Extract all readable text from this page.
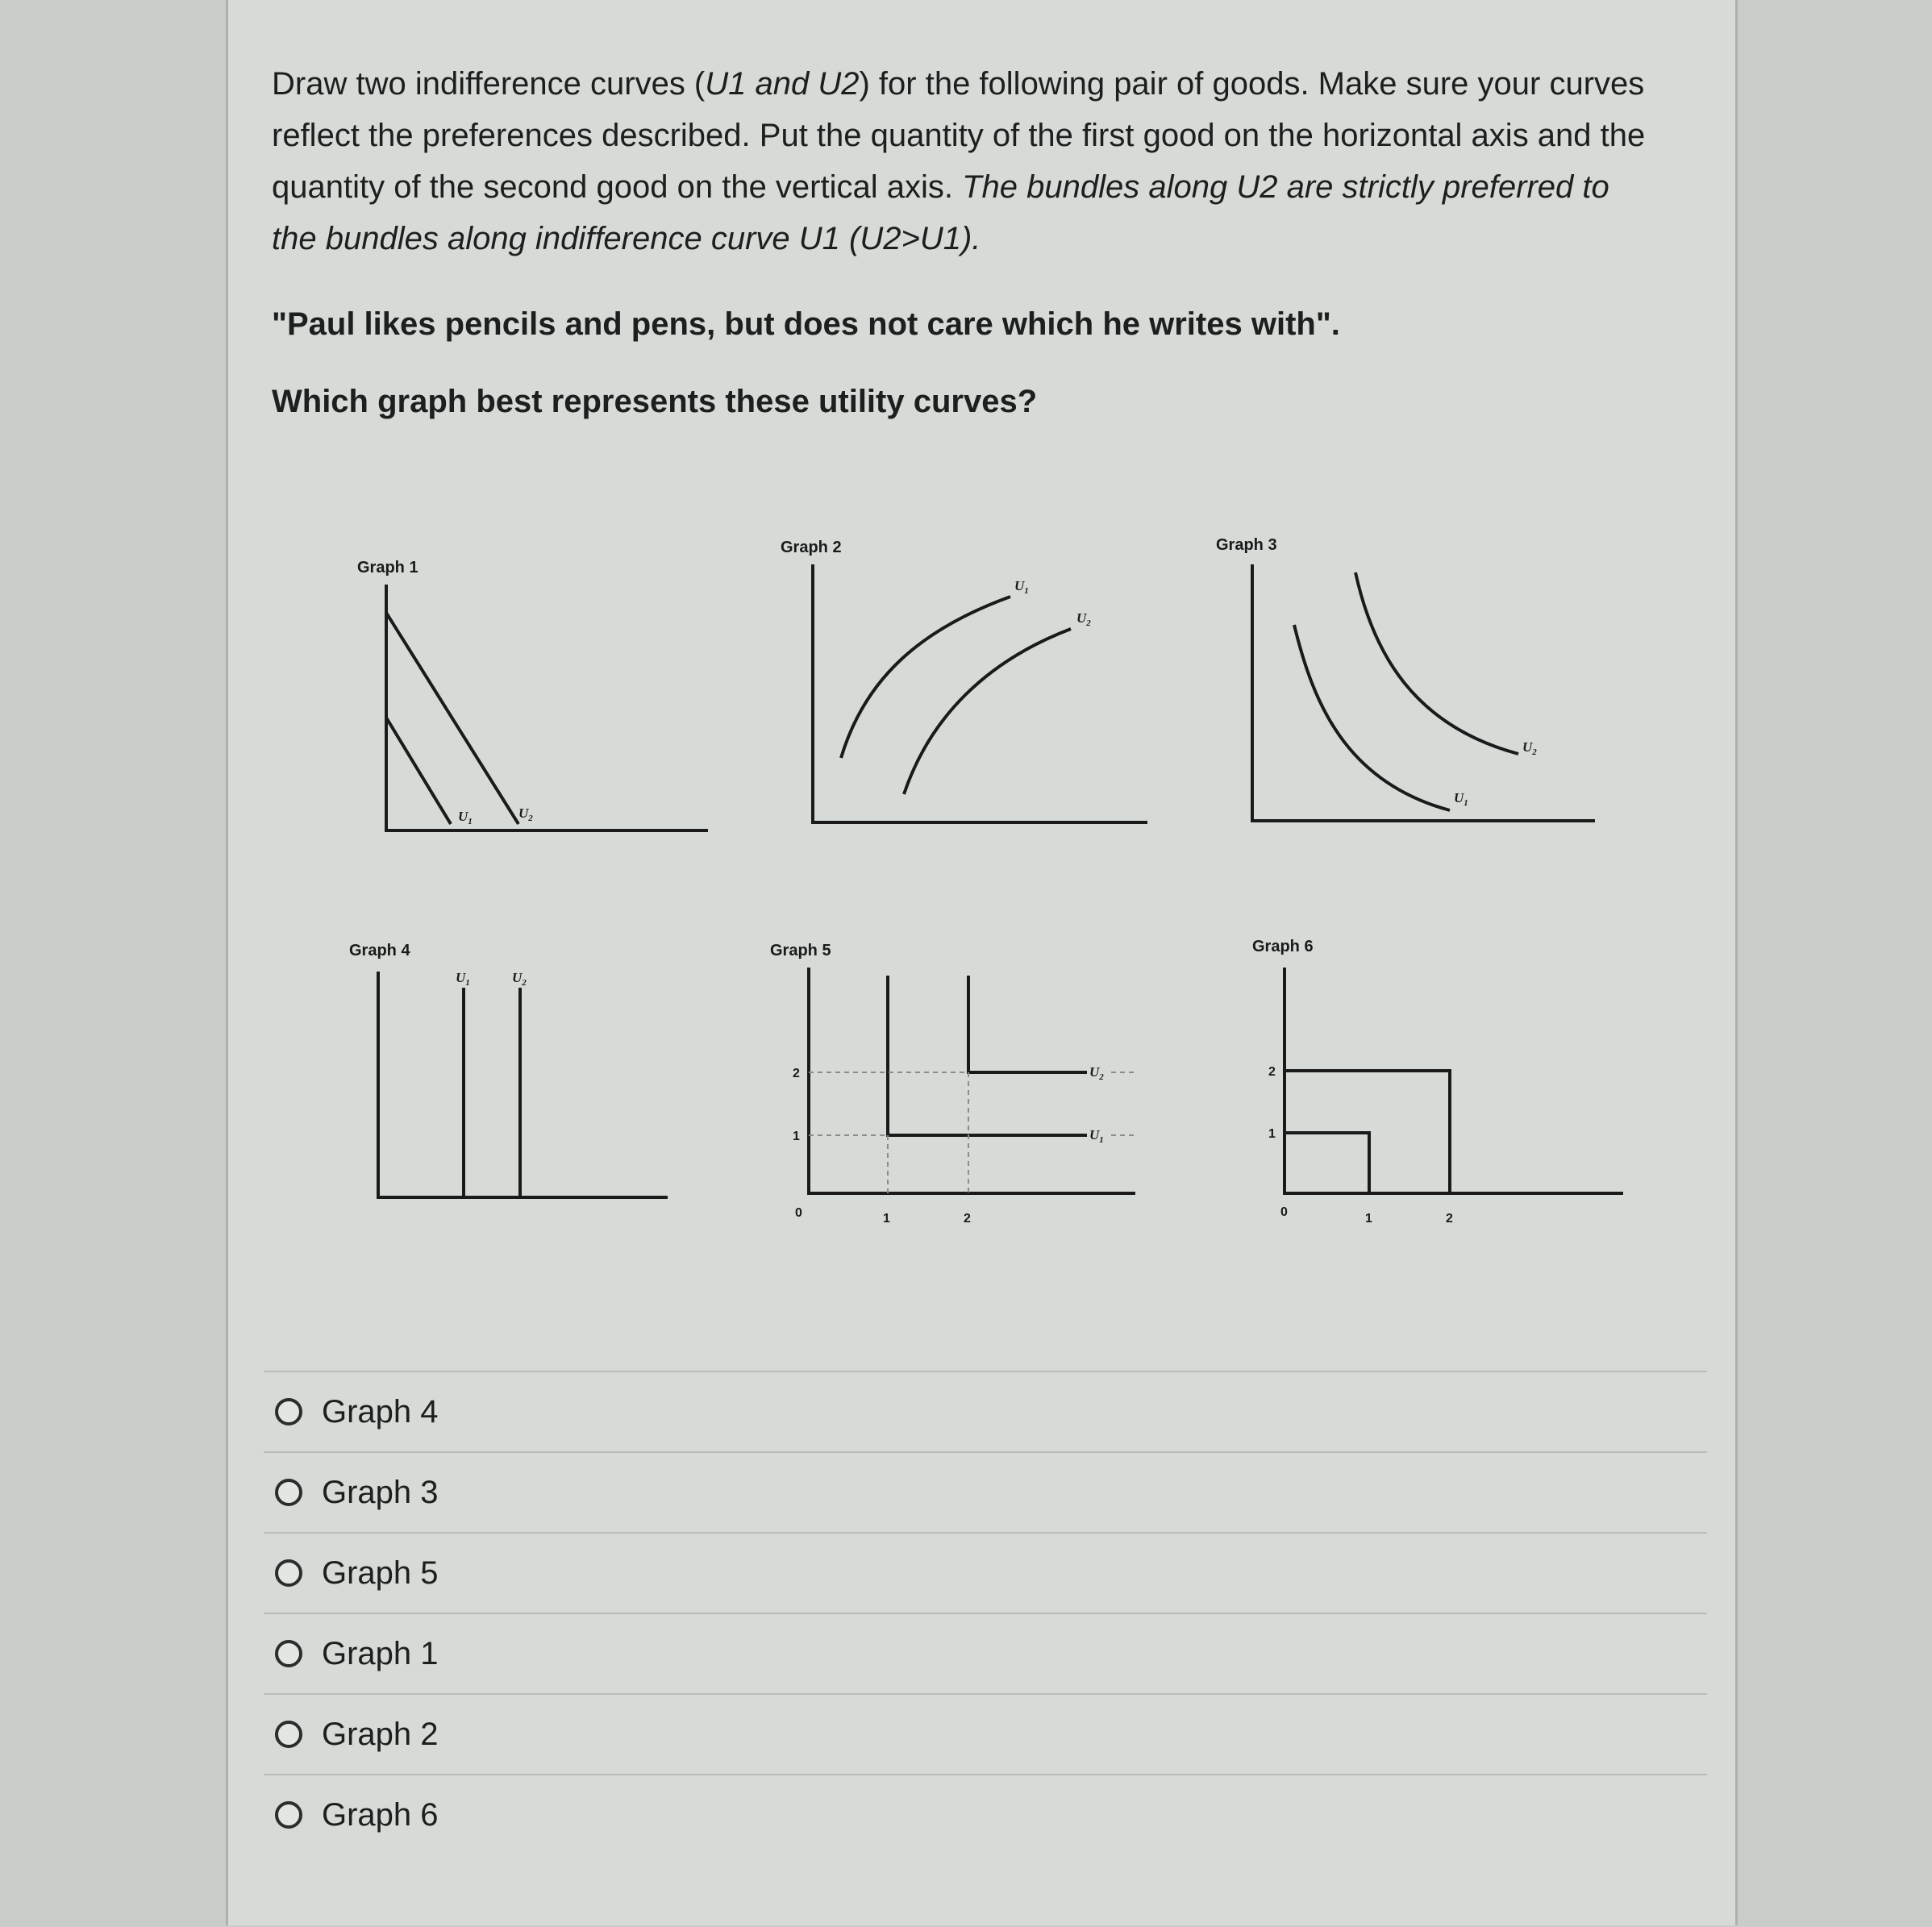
Draw two indifference curves (U1 and U2) for the following pair of goods. Make sure your curves reflect the preferences described. Put the quantity of the first good on the horizontal axis and the quantity of the second good on the vertical axis. The bundles along U2 are strictly preferred to the bundles along indifference curve U1 (U2>U1).

"Paul likes pencils and pens, but does not care which he writes with".
Which graph best represents these utility curves?
Graph 1
Graph 2	Graph 3
Graph 4	Graph 5	Graph 6
$U_1$
$U_2$
$U_1$
$U_2$
$U_1$
$U_2$
$U_1$	$U_2$
$U_1$
$U_2$
0	1	2
1
2
0	1	2
1
2
Graph 4
Graph 3
Graph 5
Graph 1
Graph 2
Graph 6
